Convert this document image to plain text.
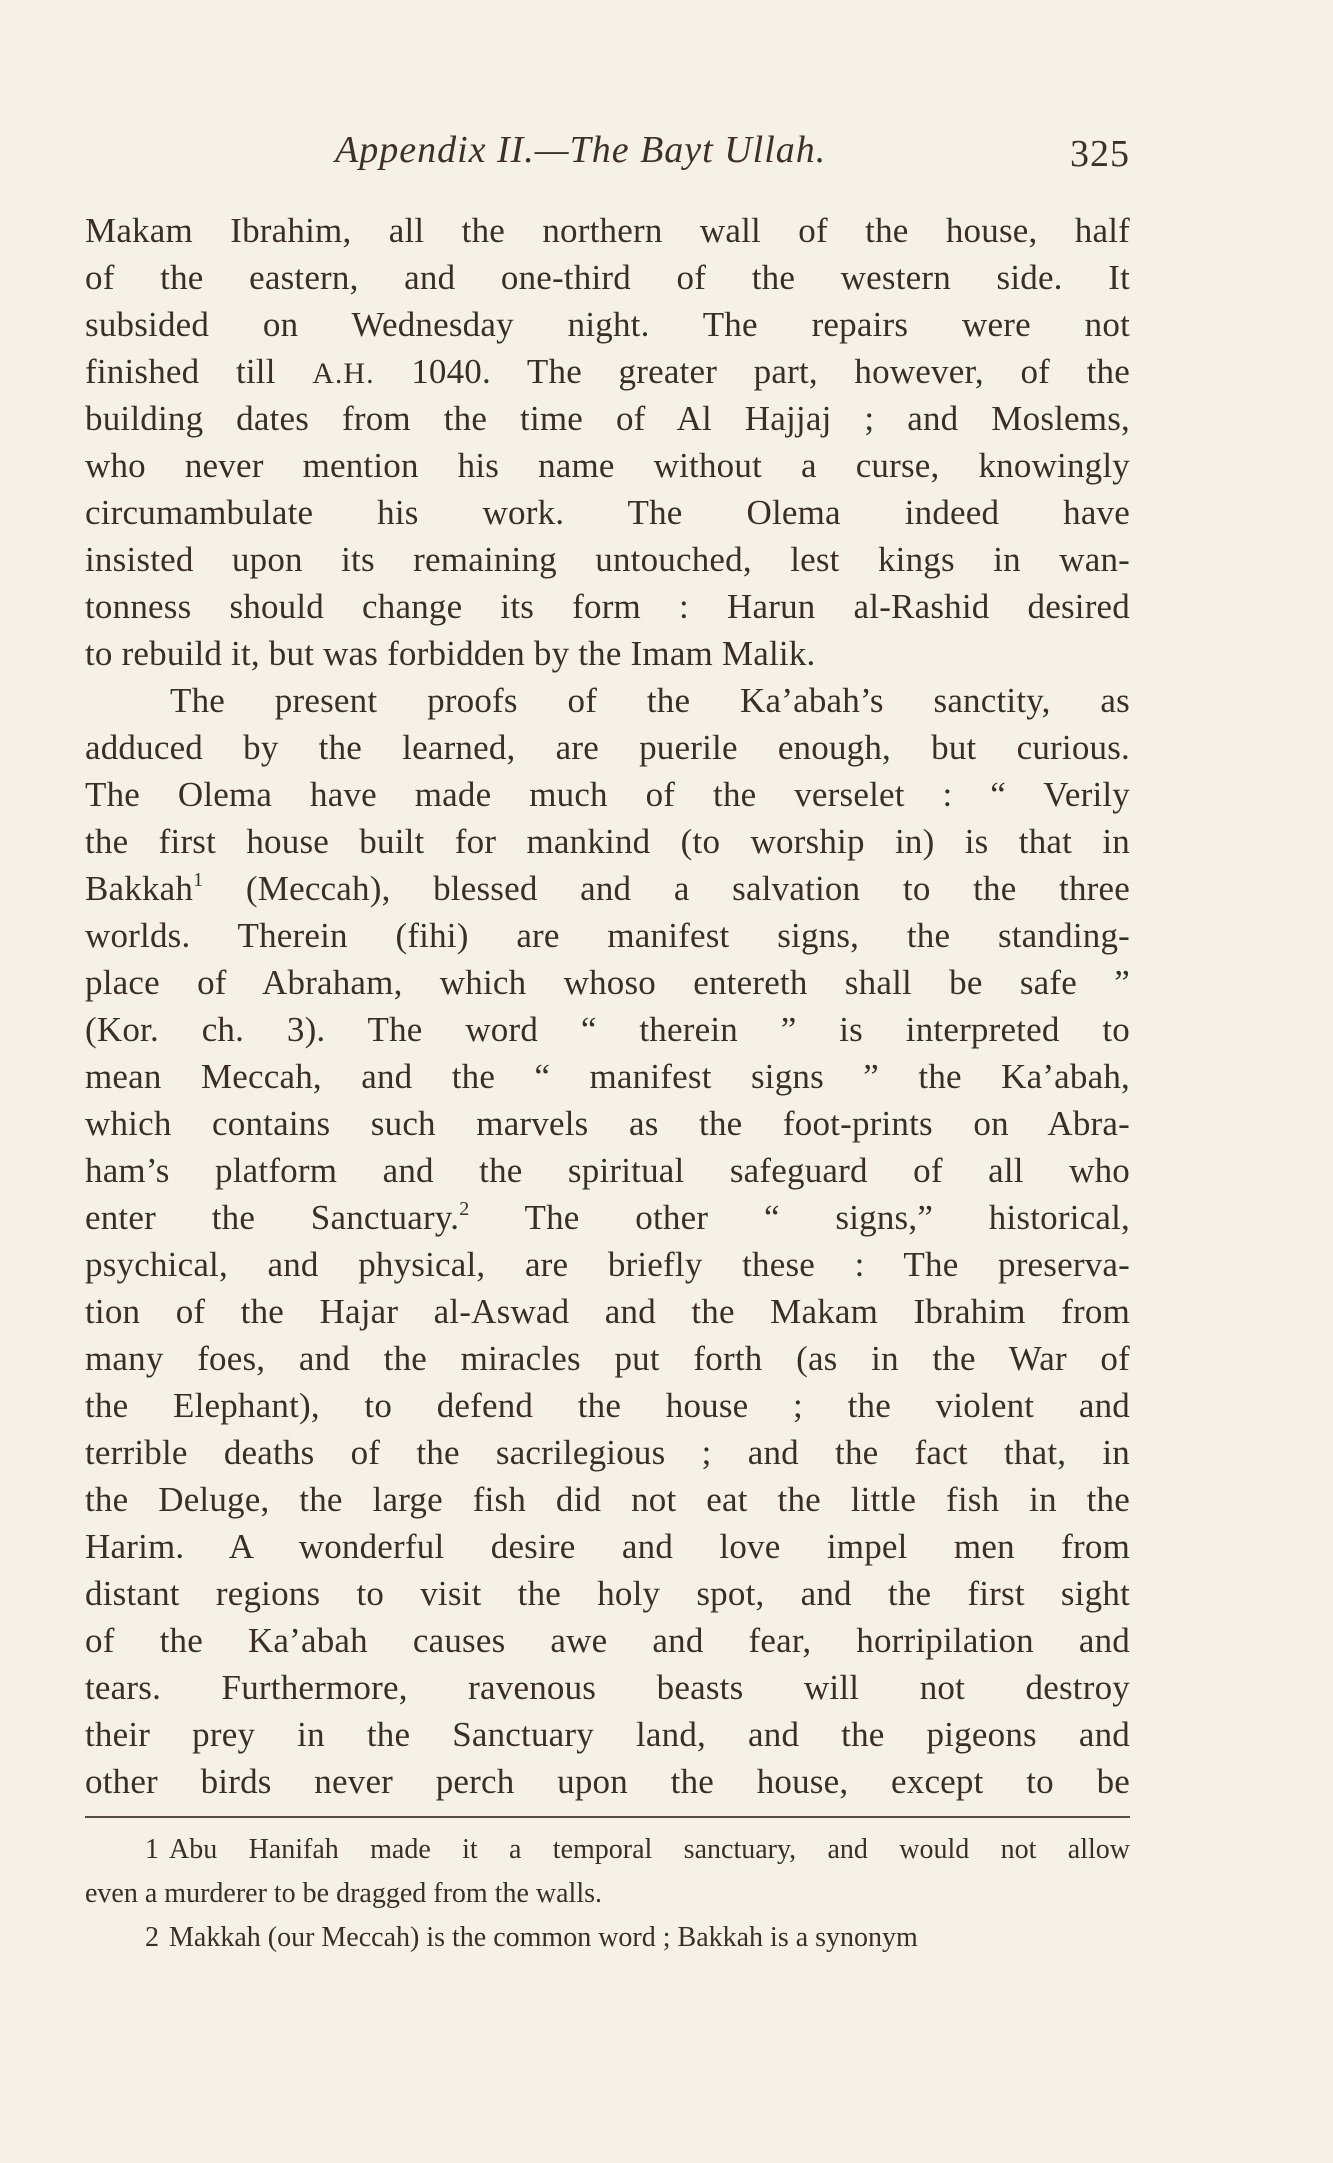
Appendix II.—The Bayt Ullah.	325
Makam Ibrahim, all the northern wall of the house, half
of the eastern, and one-third of the western side. It
subsided on Wednesday night. The repairs were not
finished till A.H. 1040. The greater part, however, of the
building dates from the time of Al Hajjaj ; and Moslems,
who never mention his name without a curse, knowingly
circumambulate his work. The Olema indeed have
insisted upon its remaining untouched, lest kings in wan-
tonness should change its form : Harun al-Rashid desired
to rebuild it, but was forbidden by the Imam Malik.
The present proofs of the Ka’abah’s sanctity, as
adduced by the learned, are puerile enough, but curious.
The Olema have made much of the verselet : “ Verily
the first house built for mankind (to worship in) is that in
Bakkah$^1$ (Meccah), blessed and a salvation to the three
worlds. Therein (fihi) are manifest signs, the standing-
place of Abraham, which whoso entereth shall be safe ”
(Kor. ch. 3). The word “ therein ” is interpreted to
mean Meccah, and the “ manifest signs ” the Ka’abah,
which contains such marvels as the foot-prints on Abra-
ham’s platform and the spiritual safeguard of all who
enter the Sanctuary.$^2$ The other “ signs,” historical,
psychical, and physical, are briefly these : The preserva-
tion of the Hajar al-Aswad and the Makam Ibrahim from
many foes, and the miracles put forth (as in the War of
the Elephant), to defend the house ; the violent and
terrible deaths of the sacrilegious ; and the fact that, in
the Deluge, the large fish did not eat the little fish in the
Harim. A wonderful desire and love impel men from
distant regions to visit the holy spot, and the first sight
of the Ka’abah causes awe and fear, horripilation and
tears. Furthermore, ravenous beasts will not destroy
their prey in the Sanctuary land, and the pigeons and
other birds never perch upon the house, except to be
1 Abu Hanifah made it a temporal sanctuary, and would not allow
even a murderer to be dragged from the walls.
2 Makkah (our Meccah) is the common word ; Bakkah is a synonym
